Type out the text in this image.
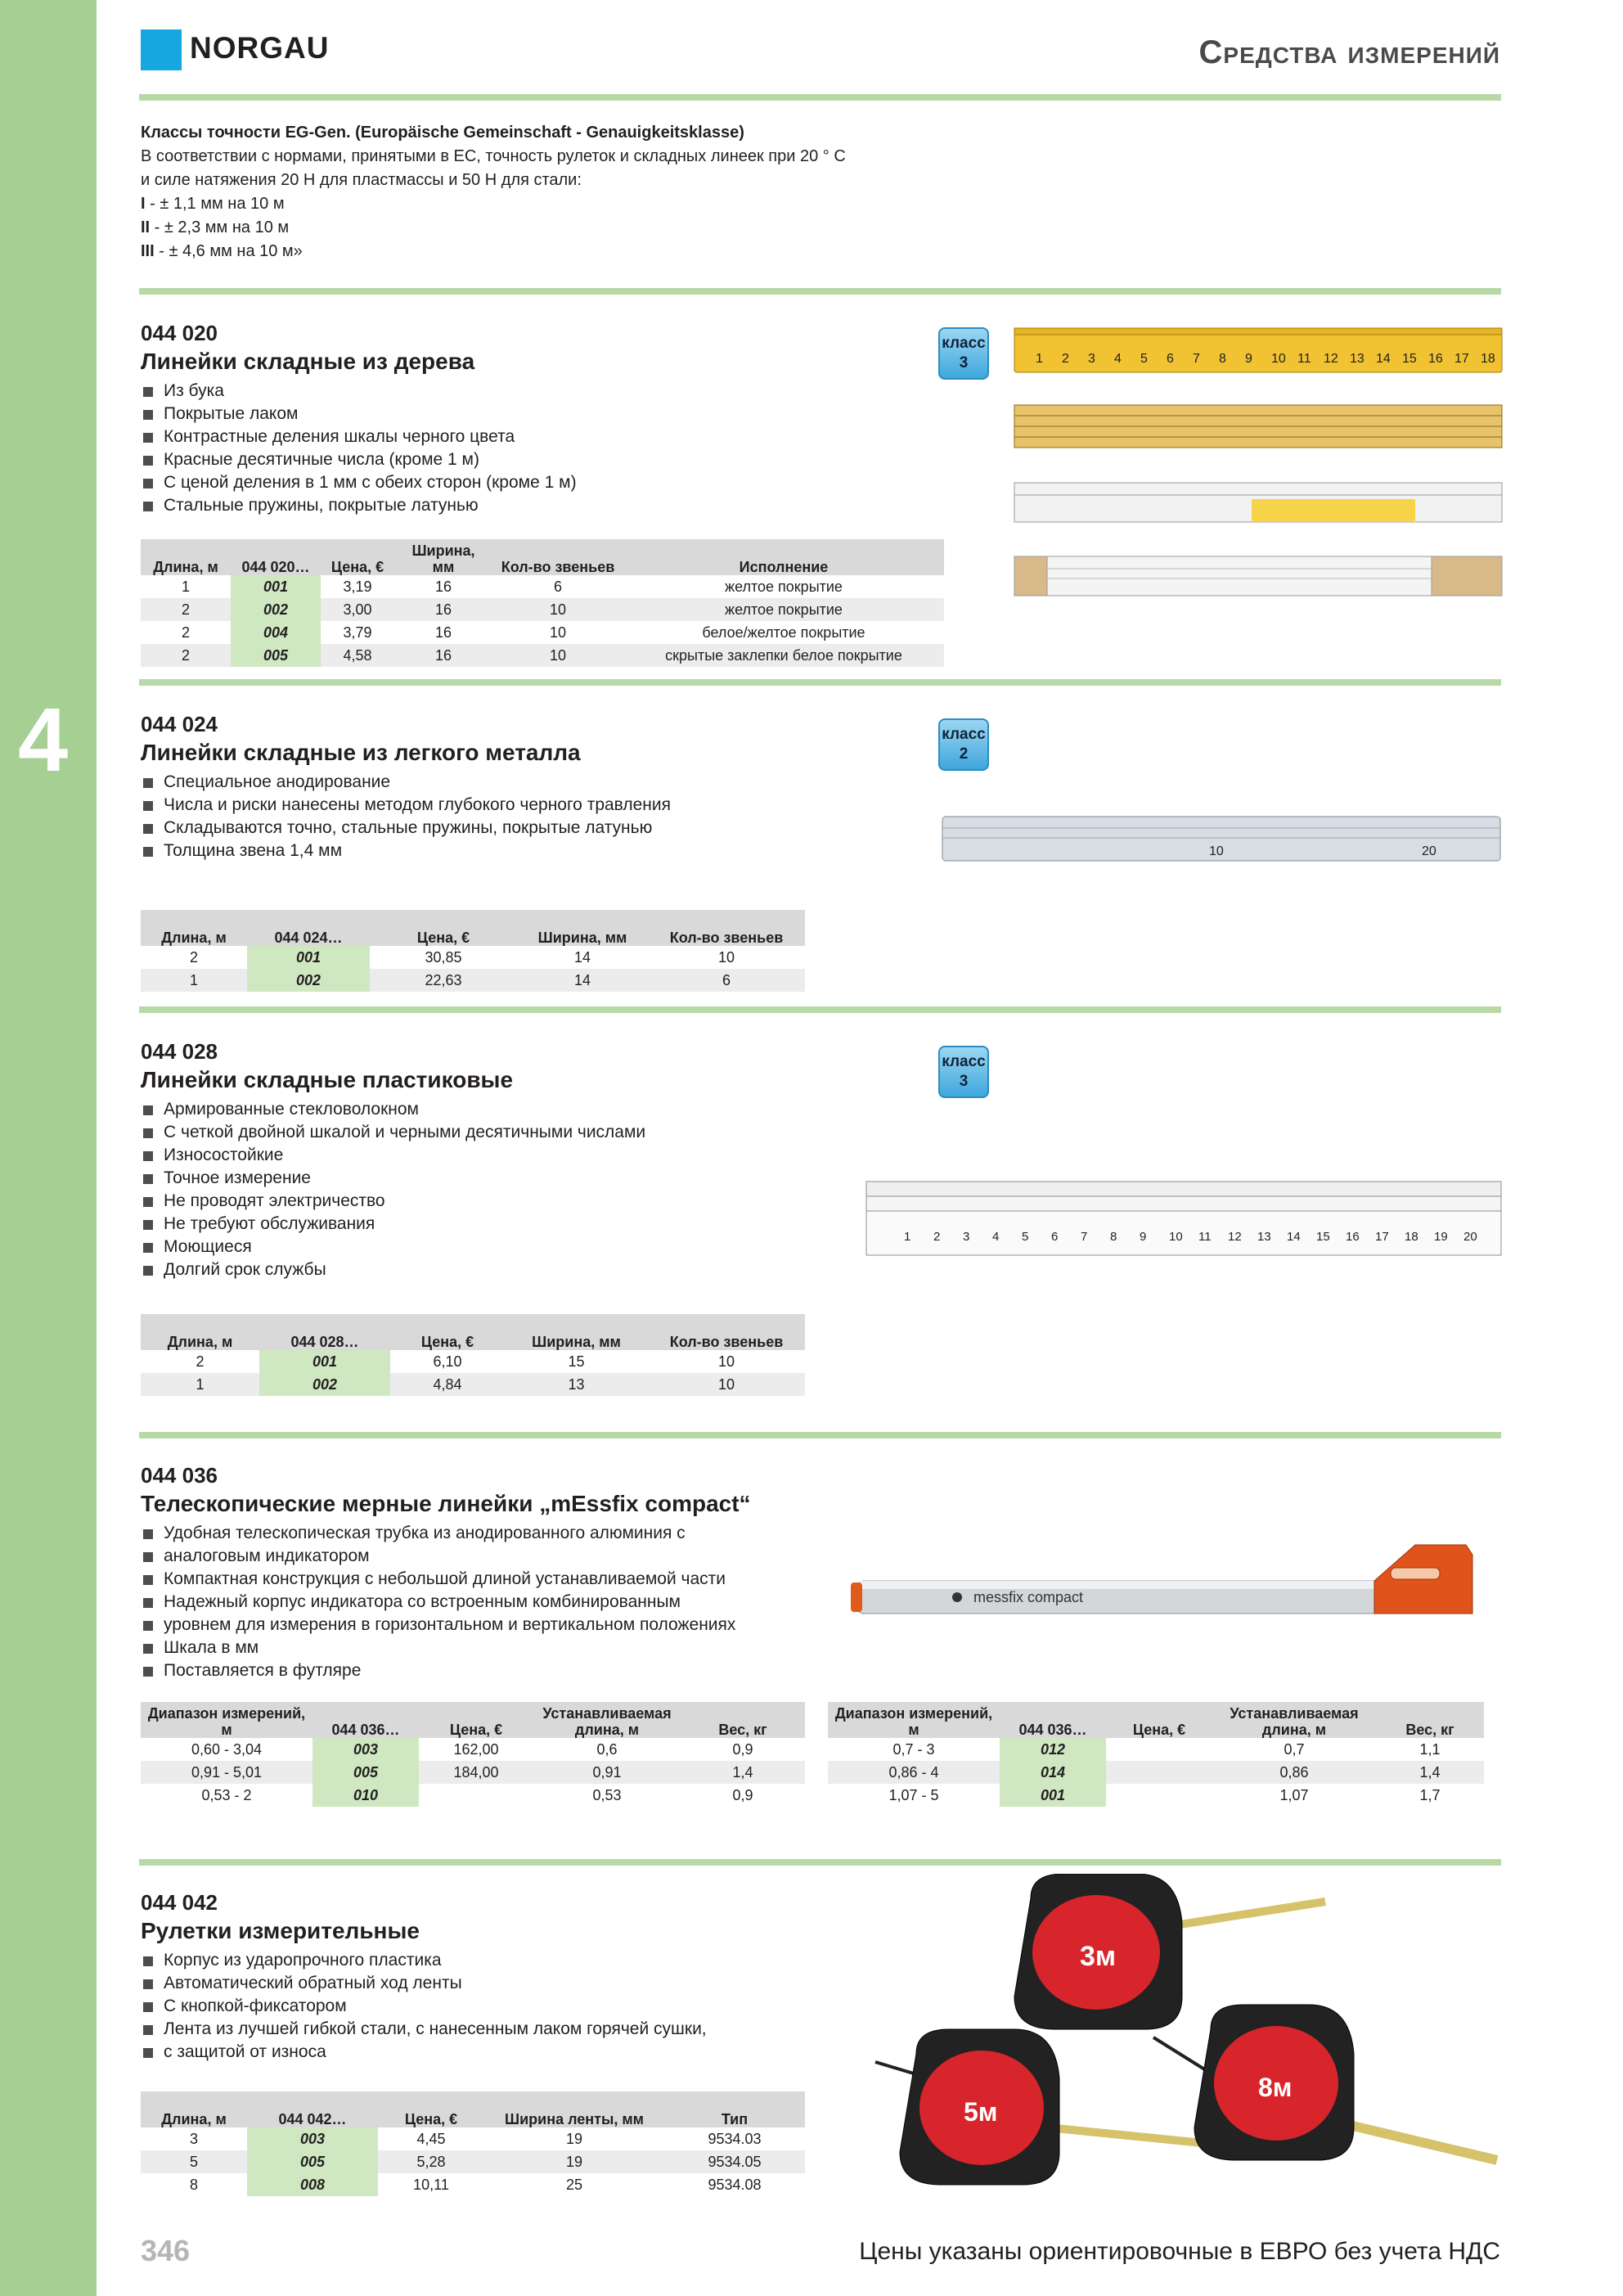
4
NORGAU	Средства измерений
Классы точности EG-Gen. (Europäische Gemeinschaft - Genauigkeitsklasse)
В соответствии с нормами, принятыми в ЕС, точность рулеток и складных линеек при 20 ° C
и силе натяжения 20 Н для пластмассы и 50 Н для стали:
I - ± 1,1 мм на 10 м
II - ± 2,3 мм на 10 м
III - ± 4,6 мм на 10 м»
044 020
Линейки складные из дерева
Из бука
Покрытые лаком
Контрастные деления шкалы черного цвета
Красные десятичные числа (кроме 1 м)
С ценой деления в 1 мм с обеих сторон (кроме 1 м)
Стальные пружины, покрытые латунью
класс
3
Длина, м	044 020…	Цена, €	Ширина, мм	Кол-во звеньев	Исполнение
1	001	3,19	16	6	желтое покрытие
2	002	3,00	16	10	желтое покрытие
2	004	3,79	16	10	белое/желтое покрытие
2	005	4,58	16	10	скрытые заклепки белое покрытие
1 2 3 4 5 6 7 8 9 10 11 12 13 14 15 16 17 18
044 024
Линейки складные из легкого металла
Специальное анодирование
Числа и риски нанесены методом глубокого черного травления
Складываются точно, стальные пружины, покрытые латунью
Толщина звена 1,4 мм
класс
2
Длина, м	044 024…	Цена, €	Ширина, мм	Кол-во звеньев
2	001	30,85	14	10
1	002	22,63	14	6
10	20
044 028
Линейки складные пластиковые
Армированные стекловолокном
С четкой двойной шкалой и черными десятичными числами
Износостойкие
Точное измерение
Не проводят электричество
Не требуют обслуживания
Моющиеся
Долгий срок службы
класс
3
Длина, м	044 028…	Цена, €	Ширина, мм	Кол-во звеньев
2	001	6,10	15	10
1	002	4,84	13	10
1 2 3 4 5 6 7 8 9 10 11 12 13 14 15 16 17 18 19 20
044 036
Телескопические мерные линейки „mEssfix compact“
Удобная телескопическая трубка из анодированного алюминия с
аналоговым индикатором
Компактная конструкция с небольшой длиной устанавливаемой части
Надежный корпус индикатора со встроенным комбинированным
уровнем для измерения в горизонтальном и вертикальном положениях
Шкала в мм
Поставляется в футляре
messfix compact
Диапазон измерений, м	044 036…	Цена, €	Устанавливаемая длина, м	Вес, кг
0,60 - 3,04	003	162,00	0,6	0,9
0,91 - 5,01	005	184,00	0,91	1,4
0,53 - 2	010		0,53	0,9
Диапазон измерений, м	044 036…	Цена, €	Устанавливаемая длина, м	Вес, кг
0,7 - 3	012		0,7	1,1
0,86 - 4	014		0,86	1,4
1,07 - 5	001		1,07	1,7
044 042
Рулетки измерительные
Корпус из ударопрочного пластика
Автоматический обратный ход ленты
С кнопкой-фиксатором
Лента из лучшей гибкой стали, с нанесенным лаком горячей сушки,
с защитой от износа
Длина, м	044 042…	Цена, €	Ширина ленты, мм	Тип
3	003	4,45	19	9534.03
5	005	5,28	19	9534.05
8	008	10,11	25	9534.08
3м
5м
8м
346	Цены указаны ориентировочные в ЕВРО без учета НДС
